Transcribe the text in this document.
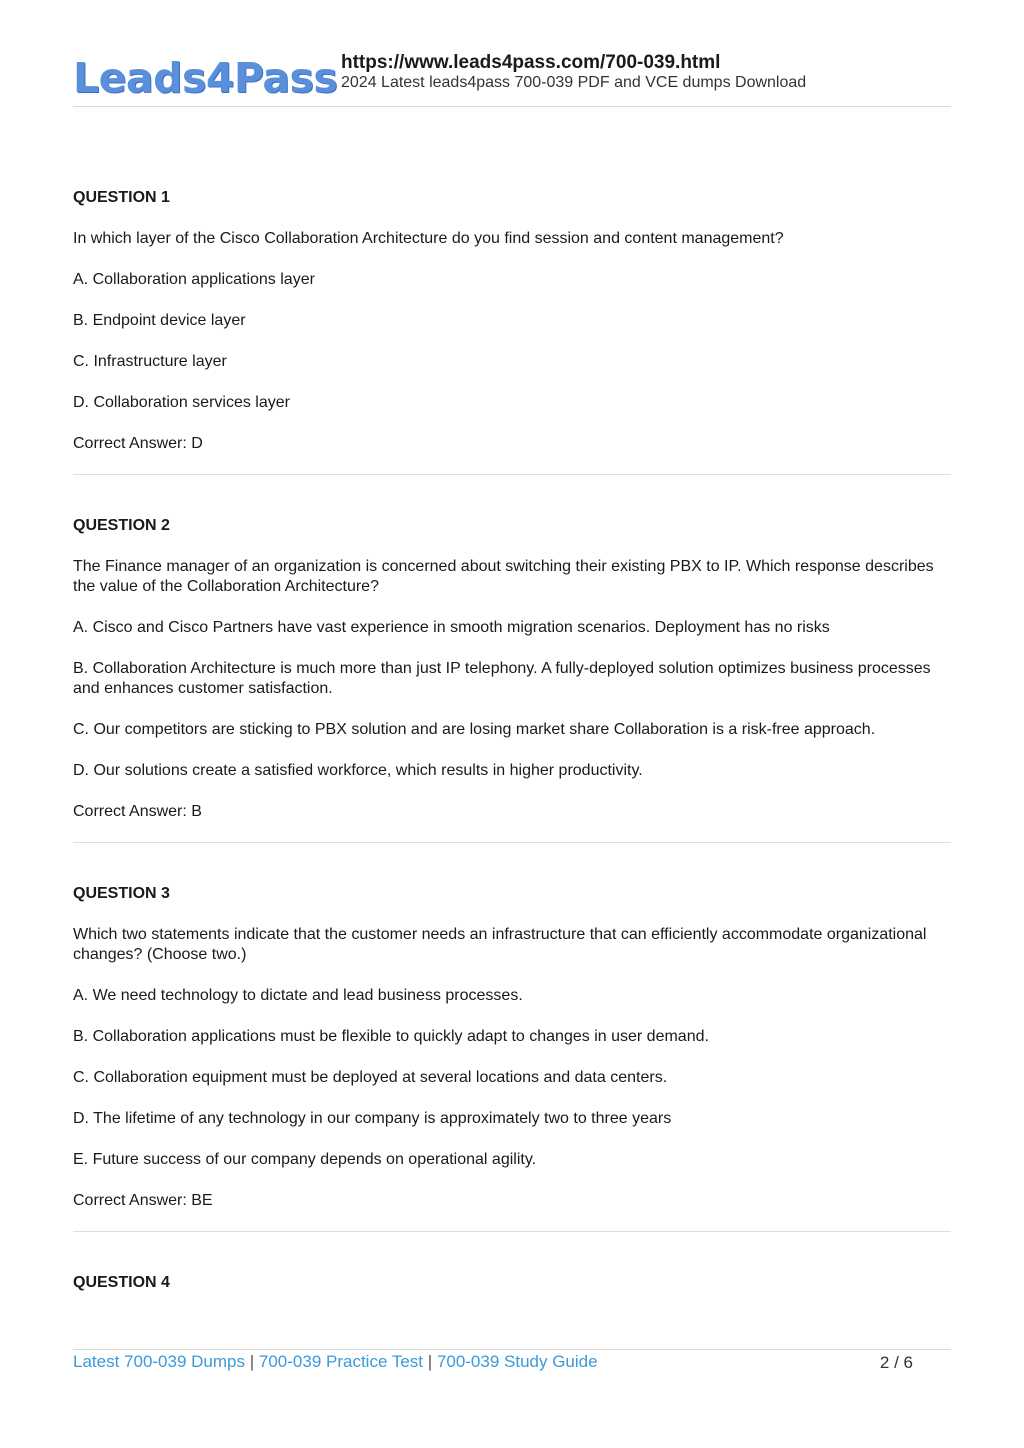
Leads4Pass https://www.leads4pass.com/700-039.html
2024 Latest leads4pass 700-039 PDF and VCE dumps Download

QUESTION 1

In which layer of the Cisco Collaboration Architecture do you find session and content management?

A. Collaboration applications layer

B. Endpoint device layer

C. Infrastructure layer

D. Collaboration services layer

Correct Answer: D

QUESTION 2

The Finance manager of an organization is concerned about switching their existing PBX to IP. Which response describes the value of the Collaboration Architecture?

A. Cisco and Cisco Partners have vast experience in smooth migration scenarios. Deployment has no risks

B. Collaboration Architecture is much more than just IP telephony. A fully-deployed solution optimizes business processes and enhances customer satisfaction.

C. Our competitors are sticking to PBX solution and are losing market share Collaboration is a risk-free approach.

D. Our solutions create a satisfied workforce, which results in higher productivity.

Correct Answer: B

QUESTION 3

Which two statements indicate that the customer needs an infrastructure that can efficiently accommodate organizational changes? (Choose two.)

A. We need technology to dictate and lead business processes.

B. Collaboration applications must be flexible to quickly adapt to changes in user demand.

C. Collaboration equipment must be deployed at several locations and data centers.

D. The lifetime of any technology in our company is approximately two to three years

E. Future success of our company depends on operational agility.

Correct Answer: BE

QUESTION 4

Latest 700-039 Dumps | 700-039 Practice Test | 700-039 Study Guide	2 / 6
